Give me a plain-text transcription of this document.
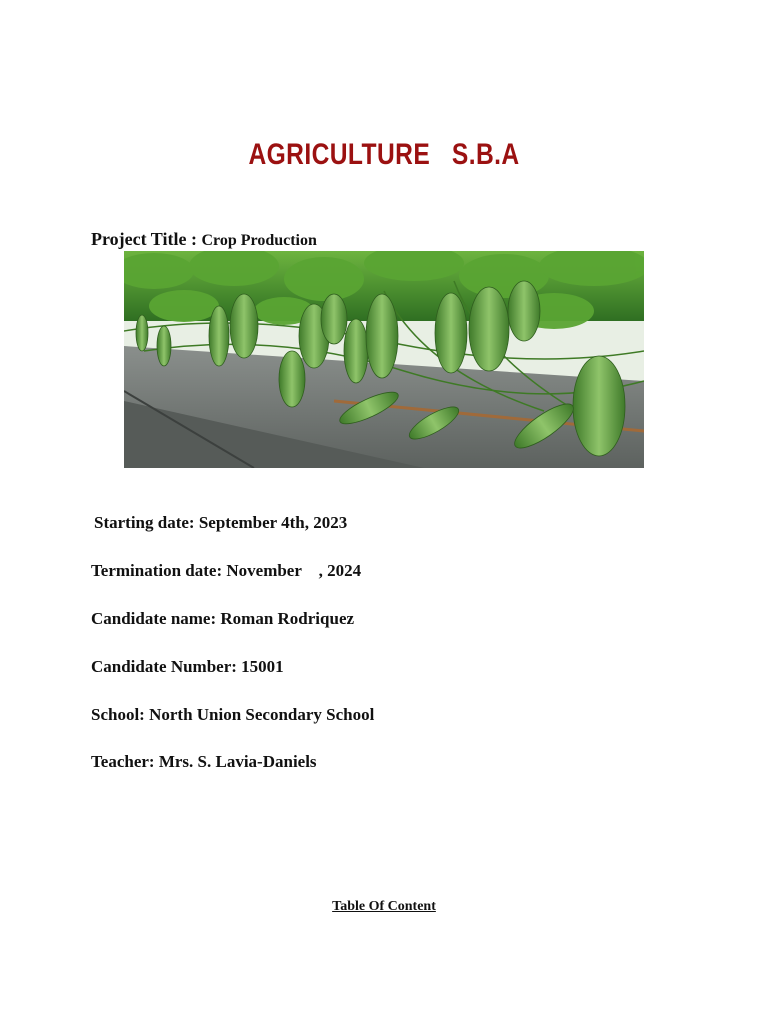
AGRICULTURE   S.B.A
Project Title : Crop Production
Starting date: September 4th, 2023
Termination date: November    , 2024
Candidate name: Roman Rodriquez
Candidate Number: 15001
School: North Union Secondary School
Teacher: Mrs. S. Lavia-Daniels
Table Of Content
